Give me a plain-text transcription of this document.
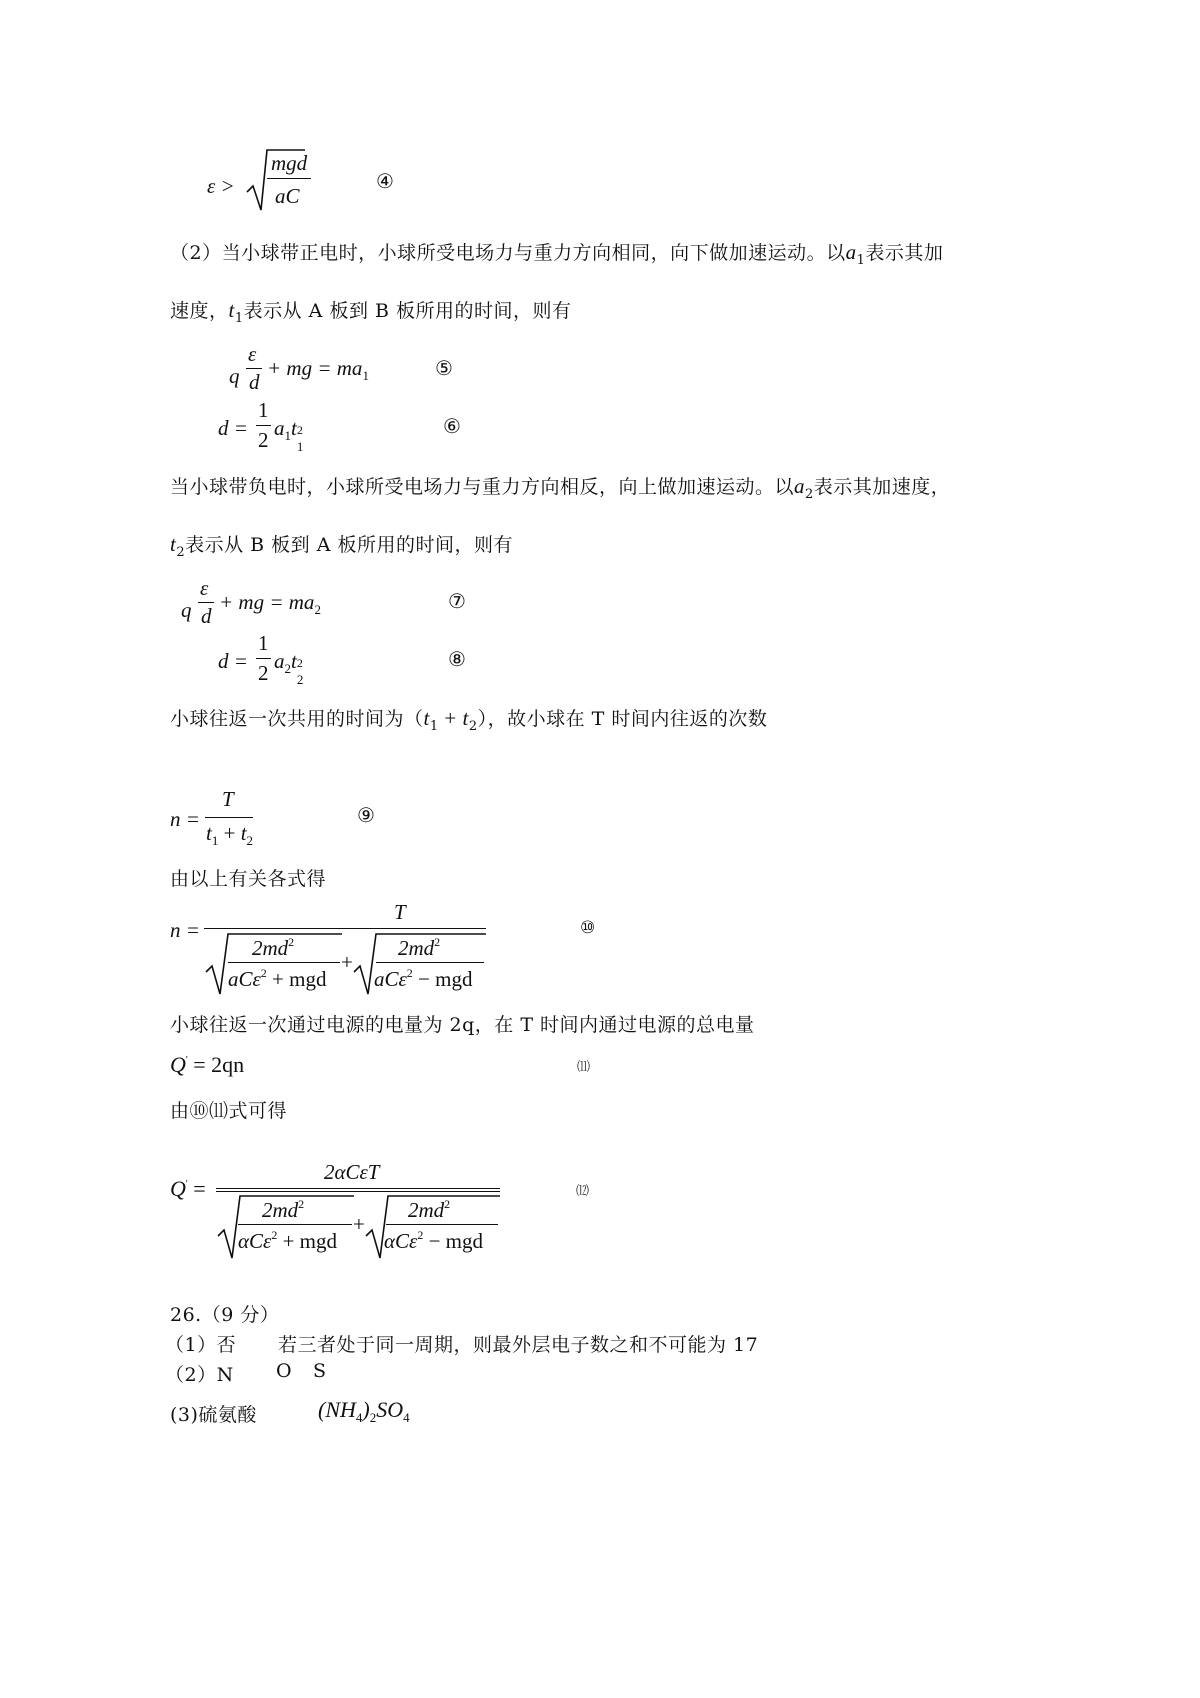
ε >
mgd
aC
④
（2）当小球带正电时，小球所受电场力与重力方向相同，向下做加速运动。以$a_1$表示其加
速度，$t_1$表示从 A 板到 B 板所用的时间，则有
q
ε
d
+ mg = $ma_1$	⑤
d =
1
2 $a_1t$ 2
1
⑥
当小球带负电时，小球所受电场力与重力方向相反，向上做加速运动。以$a_2$表示其加速度，
$t_2$表示从 B 板到 A 板所用的时间，则有
q
ε
d
+ mg = $ma_2$	⑦
d =
1
2 $a_2t$ 2
2
⑧
小球往返一次共用的时间为$(t_1 + t_2)$，故小球在 T 时间内往返的次数
n =
T
$t_1 + t_2$
⑨
由以上有关各式得
n =
T
$2md^2$
aCε$^2$ + mgd
+
$2md^2$
aCε$^2$ − mgd
⑩
小球往返一次通过电源的电量为 2q，在 T 时间内通过电源的总电量
Q' = 2qn	⑾
由⑩⑾式可得
Q' =
2αCεT
$2md^2$
αCε$^2$ + mgd
+
$2md^2$
αCε$^2$ − mgd
⑿
26.（9 分）
（1）否 若三者处于同一周期，则最外层电子数之和不可能为 17
（2）N O S
(3)硫氨酸	$(NH_4)_2SO_4$
